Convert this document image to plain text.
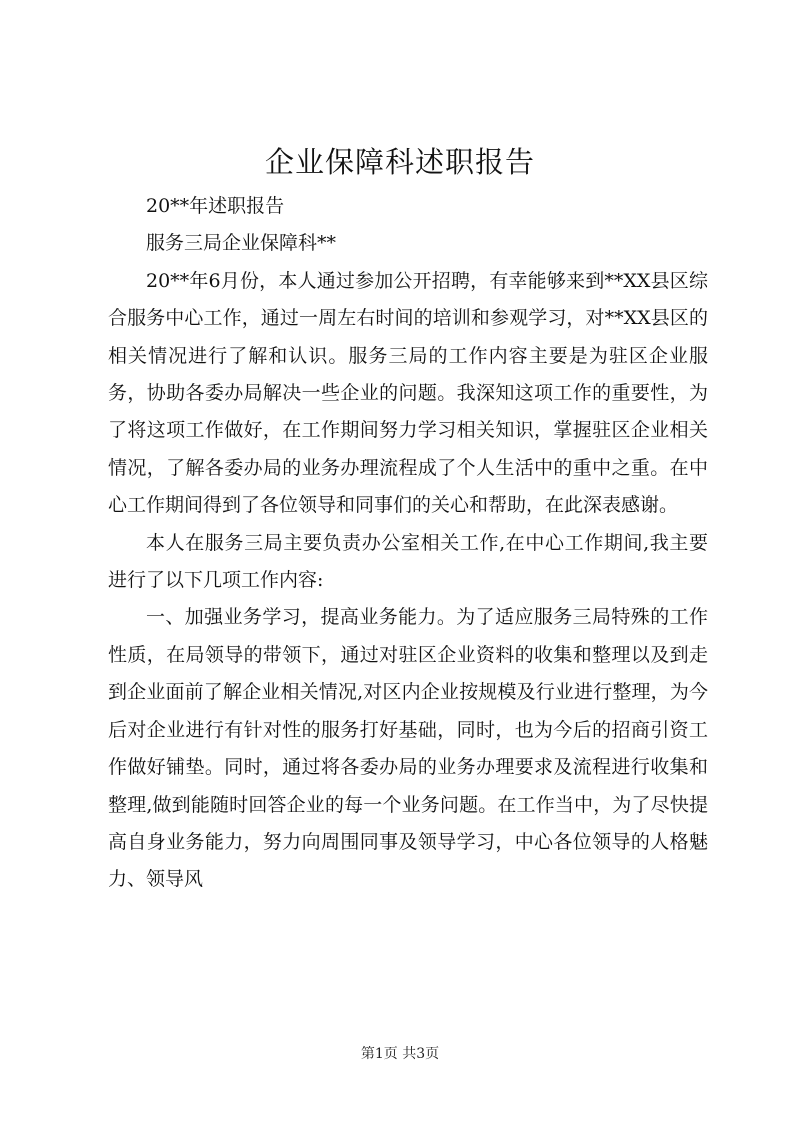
企业保障科述职报告

20**年述职报告

服务三局企业保障科**

20**年6月份，本人通过参加公开招聘，有幸能够来到**XX县区综合服务中心工作，通过一周左右时间的培训和参观学习，对**XX县区的相关情况进行了解和认识。服务三局的工作内容主要是为驻区企业服务，协助各委办局解决一些企业的问题。我深知这项工作的重要性，为了将这项工作做好，在工作期间努力学习相关知识，掌握驻区企业相关情况，了解各委办局的业务办理流程成了个人生活中的重中之重。在中心工作期间得到了各位领导和同事们的关心和帮助，在此深表感谢。

本人在服务三局主要负责办公室相关工作,在中心工作期间,我主要进行了以下几项工作内容:

一、加强业务学习，提高业务能力。为了适应服务三局特殊的工作性质，在局领导的带领下，通过对驻区企业资料的收集和整理以及到走到企业面前了解企业相关情况,对区内企业按规模及行业进行整理，为今后对企业进行有针对性的服务打好基础，同时，也为今后的招商引资工作做好铺垫。同时，通过将各委办局的业务办理要求及流程进行收集和整理,做到能随时回答企业的每一个业务问题。在工作当中，为了尽快提高自身业务能力，努力向周围同事及领导学习，中心各位领导的人格魅力、领导风

第1页 共3页
